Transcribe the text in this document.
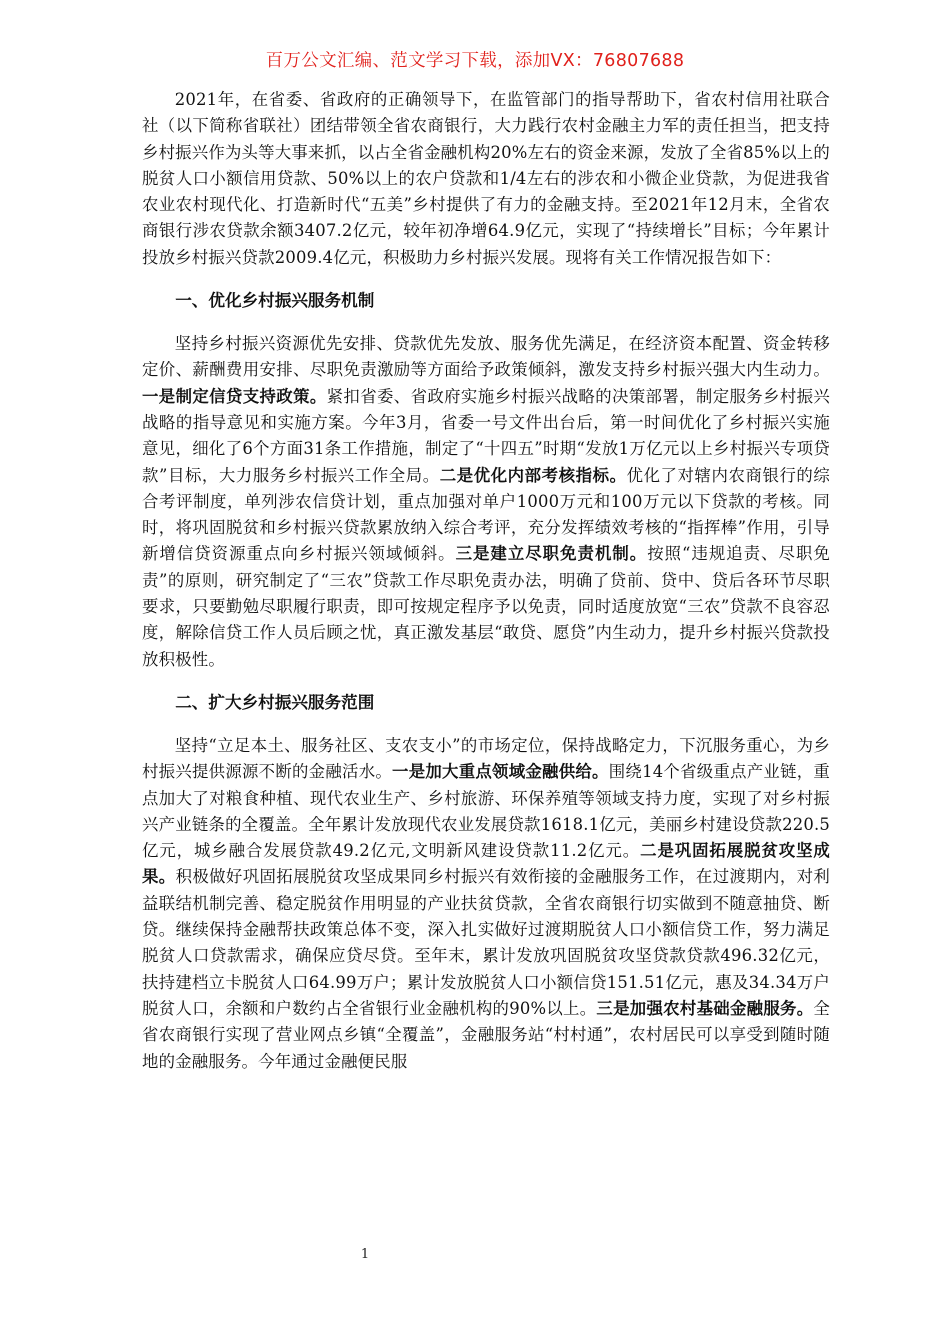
百万公文汇编、范文学习下载，添加VX：76807688

2021年，在省委、省政府的正确领导下，在监管部门的指导帮助下，省农村信用社联合社（以下简称省联社）团结带领全省农商银行，大力践行农村金融主力军的责任担当，把支持乡村振兴作为头等大事来抓，以占全省金融机构20%左右的资金来源，发放了全省85%以上的脱贫人口小额信用贷款、50%以上的农户贷款和1/4左右的涉农和小微企业贷款，为促进我省农业农村现代化、打造新时代“五美”乡村提供了有力的金融支持。至2021年12月末，全省农商银行涉农贷款余额3407.2亿元，较年初净增64.9亿元，实现了“持续增长”目标；今年累计投放乡村振兴贷款2009.4亿元，积极助力乡村振兴发展。现将有关工作情况报告如下：

一、优化乡村振兴服务机制

坚持乡村振兴资源优先安排、贷款优先发放、服务优先满足，在经济资本配置、资金转移定价、薪酬费用安排、尽职免责激励等方面给予政策倾斜，激发支持乡村振兴强大内生动力。一是制定信贷支持政策。紧扣省委、省政府实施乡村振兴战略的决策部署，制定服务乡村振兴战略的指导意见和实施方案。今年3月，省委一号文件出台后，第一时间优化了乡村振兴实施意见，细化了6个方面31条工作措施，制定了“十四五”时期“发放1万亿元以上乡村振兴专项贷款”目标，大力服务乡村振兴工作全局。二是优化内部考核指标。优化了对辖内农商银行的综合考评制度，单列涉农信贷计划，重点加强对单户1000万元和100万元以下贷款的考核。同时，将巩固脱贫和乡村振兴贷款累放纳入综合考评，充分发挥绩效考核的“指挥棒”作用，引导新增信贷资源重点向乡村振兴领域倾斜。三是建立尽职免责机制。按照“违规追责、尽职免责”的原则，研究制定了“三农”贷款工作尽职免责办法，明确了贷前、贷中、贷后各环节尽职要求，只要勤勉尽职履行职责，即可按规定程序予以免责，同时适度放宽“三农”贷款不良容忍度，解除信贷工作人员后顾之忧，真正激发基层“敢贷、愿贷”内生动力，提升乡村振兴贷款投放积极性。

二、扩大乡村振兴服务范围

坚持“立足本土、服务社区、支农支小”的市场定位，保持战略定力，下沉服务重心，为乡村振兴提供源源不断的金融活水。一是加大重点领域金融供给。围绕14个省级重点产业链，重点加大了对粮食种植、现代农业生产、乡村旅游、环保养殖等领域支持力度，实现了对乡村振兴产业链条的全覆盖。全年累计发放现代农业发展贷款1618.1亿元，美丽乡村建设贷款220.5亿元，城乡融合发展贷款49.2亿元,文明新风建设贷款11.2亿元。二是巩固拓展脱贫攻坚成果。积极做好巩固拓展脱贫攻坚成果同乡村振兴有效衔接的金融服务工作，在过渡期内，对利益联结机制完善、稳定脱贫作用明显的产业扶贫贷款，全省农商银行切实做到不随意抽贷、断贷。继续保持金融帮扶政策总体不变，深入扎实做好过渡期脱贫人口小额信贷工作，努力满足脱贫人口贷款需求，确保应贷尽贷。至年末，累计发放巩固脱贫攻坚贷款贷款496.32亿元，扶持建档立卡脱贫人口64.99万户；累计发放脱贫人口小额信贷151.51亿元，惠及34.34万户脱贫人口，余额和户数约占全省银行业金融机构的90%以上。三是加强农村基础金融服务。全省农商银行实现了营业网点乡镇“全覆盖”，金融服务站“村村通”，农村居民可以享受到随时随地的金融服务。今年通过金融便民服

1
